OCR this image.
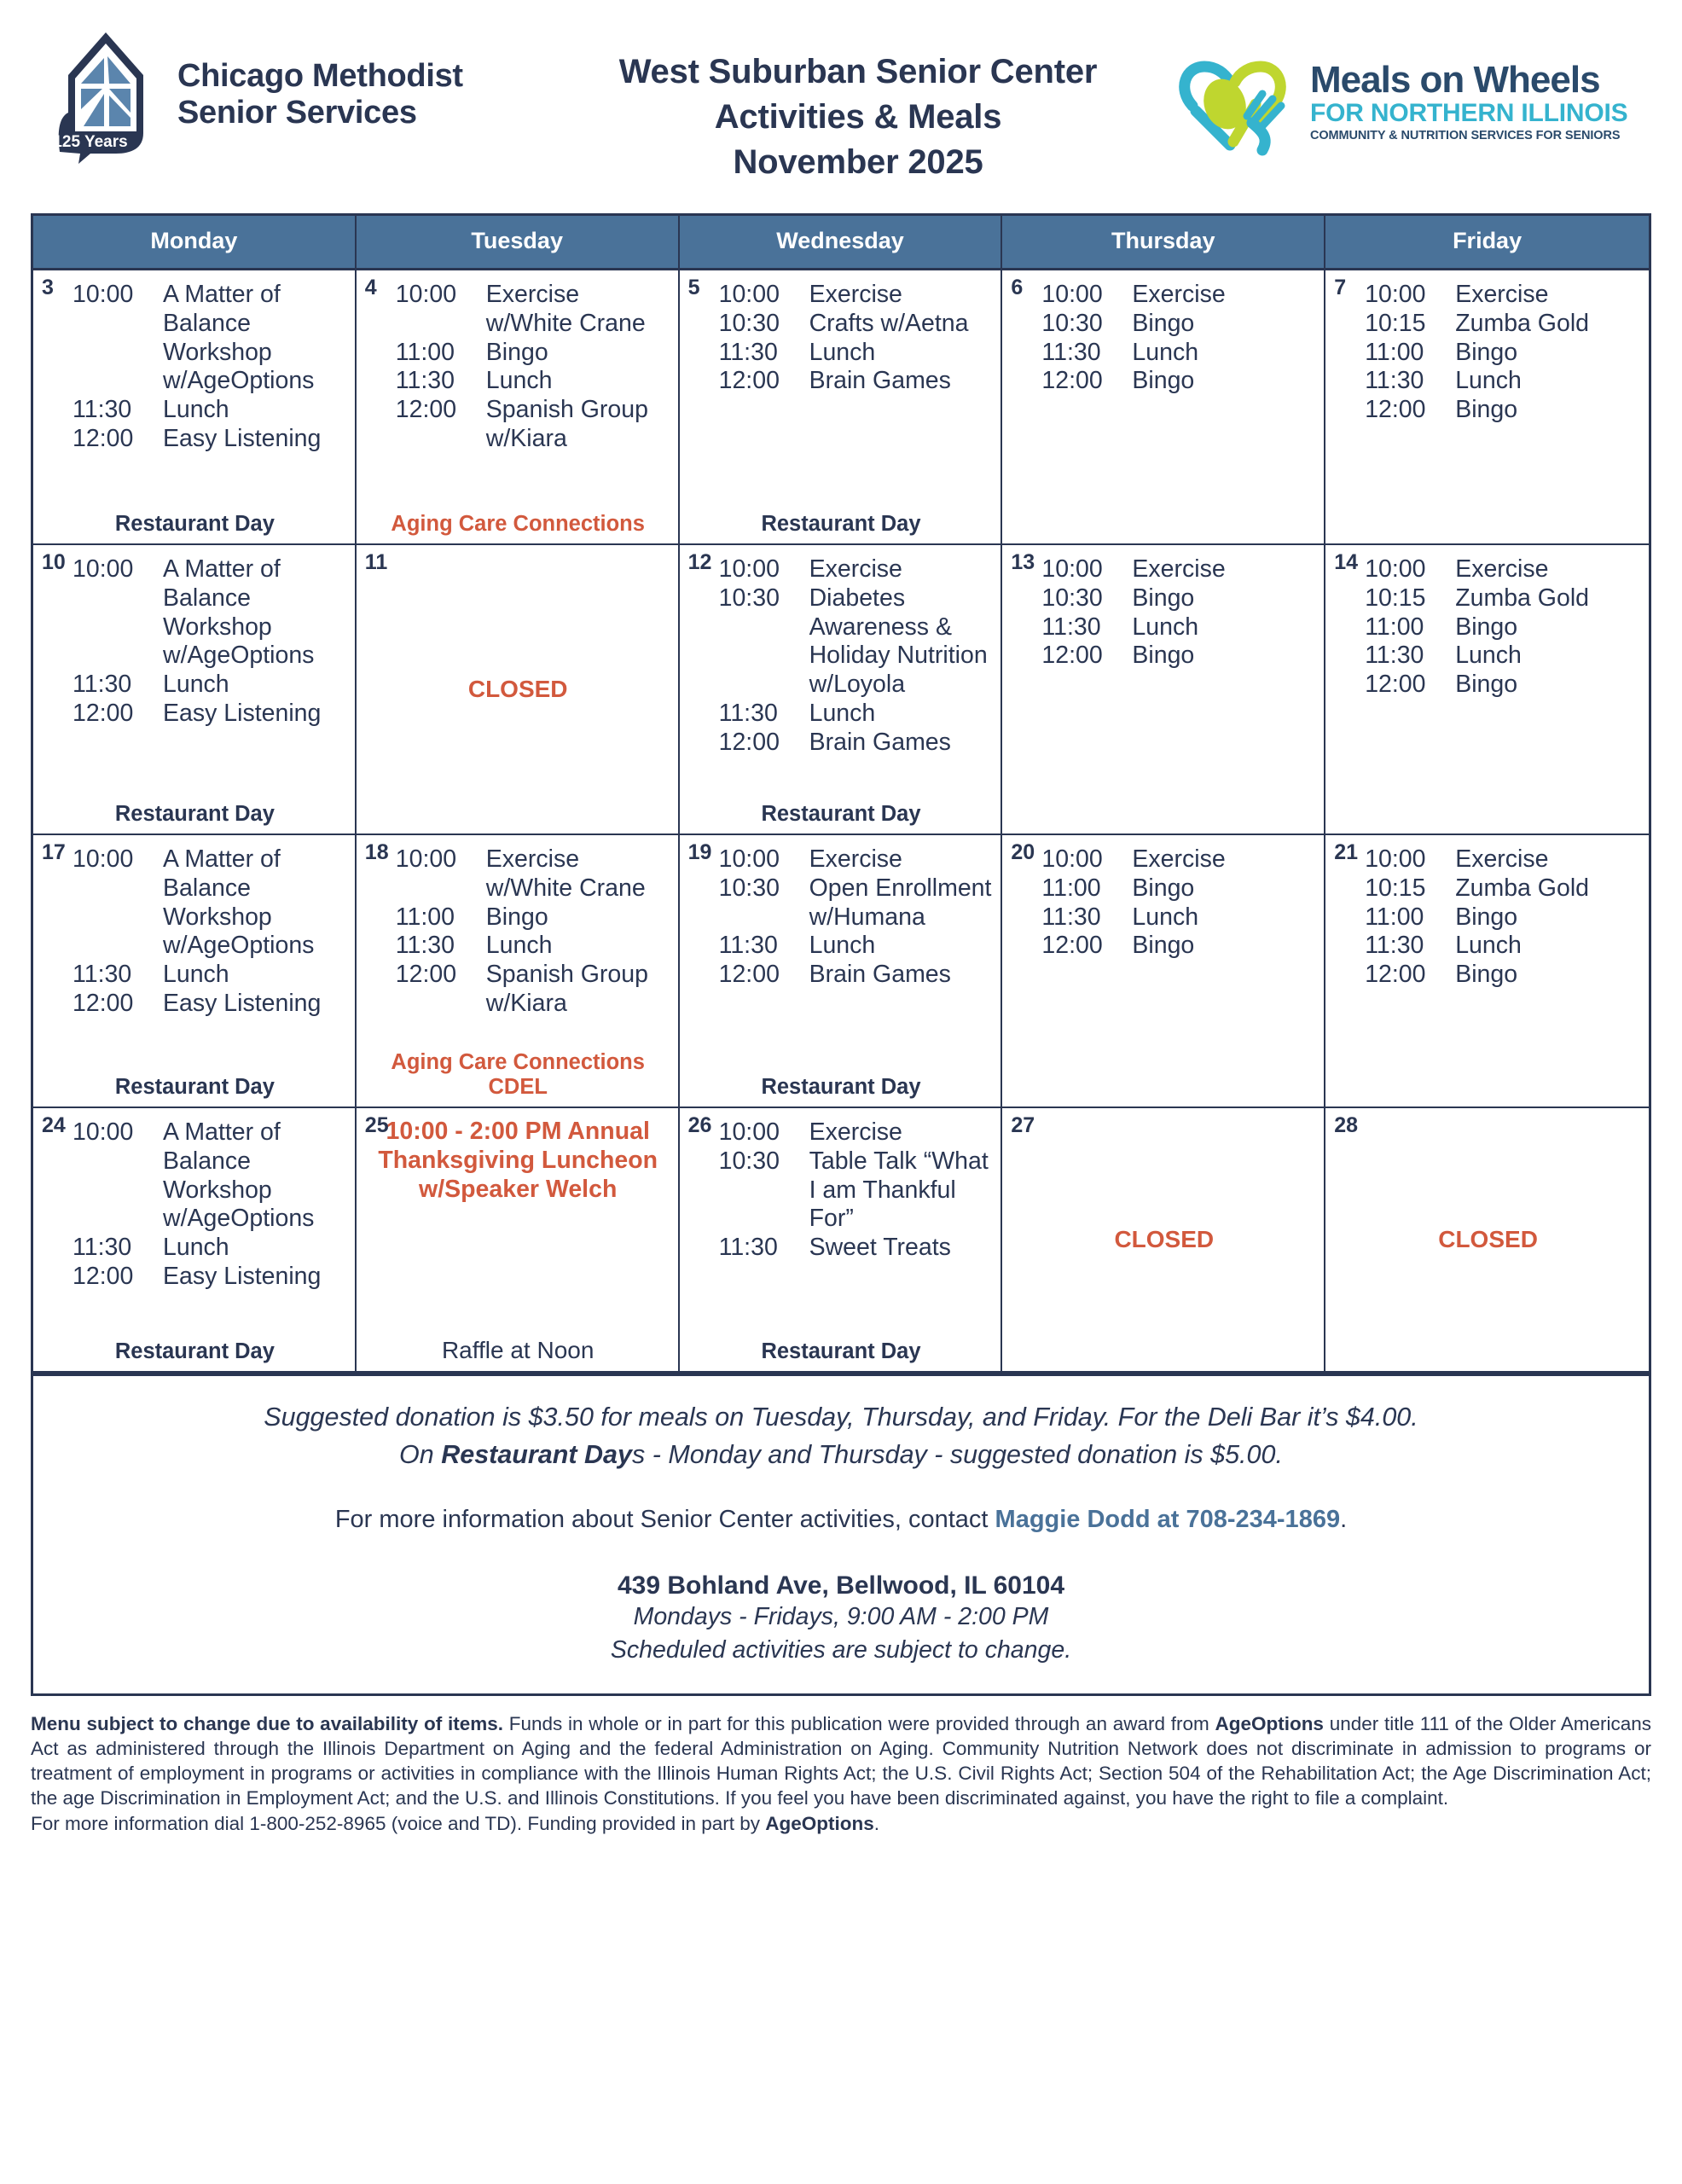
125 Years
Chicago Methodist
Senior Services
West Suburban Senior Center
Activities & Meals
November 2025
Meals on Wheels
FOR NORTHERN ILLINOIS
COMMUNITY & NUTRITION SERVICES FOR SENIORS
Monday	Tuesday	Wednesday	Thursday	Friday
3 10:00	A Matter of Balance Workshop w/AgeOptions
11:30	Lunch
12:00	Easy Listening
Restaurant Day
4 10:00	Exercise w/White Crane
11:00	Bingo
11:30	Lunch
12:00	Spanish Group w/Kiara
Aging Care Connections
5 10:00	Exercise
10:30	Crafts w/Aetna
11:30	Lunch
12:00	Brain Games
Restaurant Day
6 10:00	Exercise
10:30	Bingo
11:30	Lunch
12:00	Bingo
7 10:00	Exercise
10:15	Zumba Gold
11:00	Bingo
11:30	Lunch
12:00	Bingo
10 10:00	A Matter of Balance Workshop w/AgeOptions
11:30	Lunch
12:00	Easy Listening
Restaurant Day
11
CLOSED
12 10:00	Exercise
10:30	Diabetes Awareness & Holiday Nutrition w/Loyola
11:30	Lunch
12:00	Brain Games
Restaurant Day
13 10:00	Exercise
10:30	Bingo
11:30	Lunch
12:00	Bingo
14 10:00	Exercise
10:15	Zumba Gold
11:00	Bingo
11:30	Lunch
12:00	Bingo
17 10:00	A Matter of Balance Workshop w/AgeOptions
11:30	Lunch
12:00	Easy Listening
Restaurant Day
18 10:00	Exercise w/White Crane
11:00	Bingo
11:30	Lunch
12:00	Spanish Group w/Kiara
Aging Care Connections CDEL
19 10:00	Exercise
10:30	Open Enrollment w/Humana
11:30	Lunch
12:00	Brain Games
Restaurant Day
20 10:00	Exercise
11:00	Bingo
11:30	Lunch
12:00	Bingo
21 10:00	Exercise
10:15	Zumba Gold
11:00	Bingo
11:30	Lunch
12:00	Bingo
24 10:00	A Matter of Balance Workshop w/AgeOptions
11:30	Lunch
12:00	Easy Listening
Restaurant Day
25
10:00 - 2:00 PM Annual Thanksgiving Luncheon w/Speaker Welch
Raffle at Noon
26 10:00	Exercise
10:30	Table Talk “What I am Thankful For”
11:30	Sweet Treats
Restaurant Day
27
CLOSED
28
CLOSED
Suggested donation is $3.50 for meals on Tuesday, Thursday, and Friday. For the Deli Bar it’s $4.00.
On Restaurant Days - Monday and Thursday - suggested donation is $5.00.
For more information about Senior Center activities, contact Maggie Dodd at 708-234-1869.
439 Bohland Ave, Bellwood, IL 60104
Mondays - Fridays, 9:00 AM - 2:00 PM
Scheduled activities are subject to change.

Menu subject to change due to availability of items. Funds in whole or in part for this publication were provided through an award from AgeOptions under title 111 of the Older Americans Act as administered through the Illinois Department on Aging and the federal Administration on Aging. Community Nutrition Network does not discriminate in admission to programs or treatment of employment in programs or activities in compliance with the Illinois Human Rights Act; the U.S. Civil Rights Act; Section 504 of the Rehabilitation Act; the Age Discrimination Act; the age Discrimination in Employment Act; and the U.S. and Illinois Constitutions. If you feel you have been discriminated against, you have the right to file a complaint.

For more information dial 1-800-252-8965 (voice and TD). Funding provided in part by AgeOptions.
